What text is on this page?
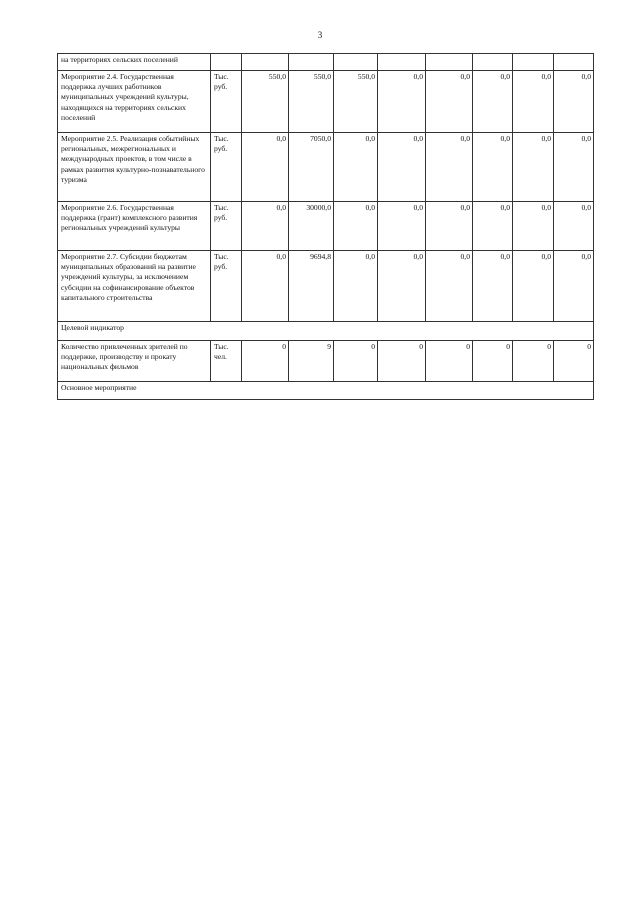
3
на территориях сельских поселений									
Мероприятие 2.4. Государственная поддержка лучших работников муниципальных учреждений культуры, находящихся на территориях сельских поселений	Тыс. руб.	550,0	550,0	550,0	0,0	0,0	0,0	0,0	0,0
Мероприятие 2.5. Реализация событийных региональных, межрегиональных и международных проектов, в том числе в рамках развития культурно-познавательного туризма	Тыс. руб.	0,0	7050,0	0,0	0,0	0,0	0,0	0,0	0,0
Мероприятие 2.6. Государственная поддержка (грант) комплексного развития региональных учреждений культуры	Тыс. руб.	0,0	30000,0	0,0	0,0	0,0	0,0	0,0	0,0
Мероприятие 2.7. Субсидии бюджетам муниципальных образований на развитие учреждений культуры, за исключением субсидии на софинансирование объектов капитального строительства	Тыс. руб.	0,0	9694,8	0,0	0,0	0,0	0,0	0,0	0,0
Целевой индикатор									
Количество привлеченных зрителей по поддержке, производству и прокату национальных фильмов	Тыс. чел.	0	9	0	0	0	0	0	0
Основное мероприятие									
